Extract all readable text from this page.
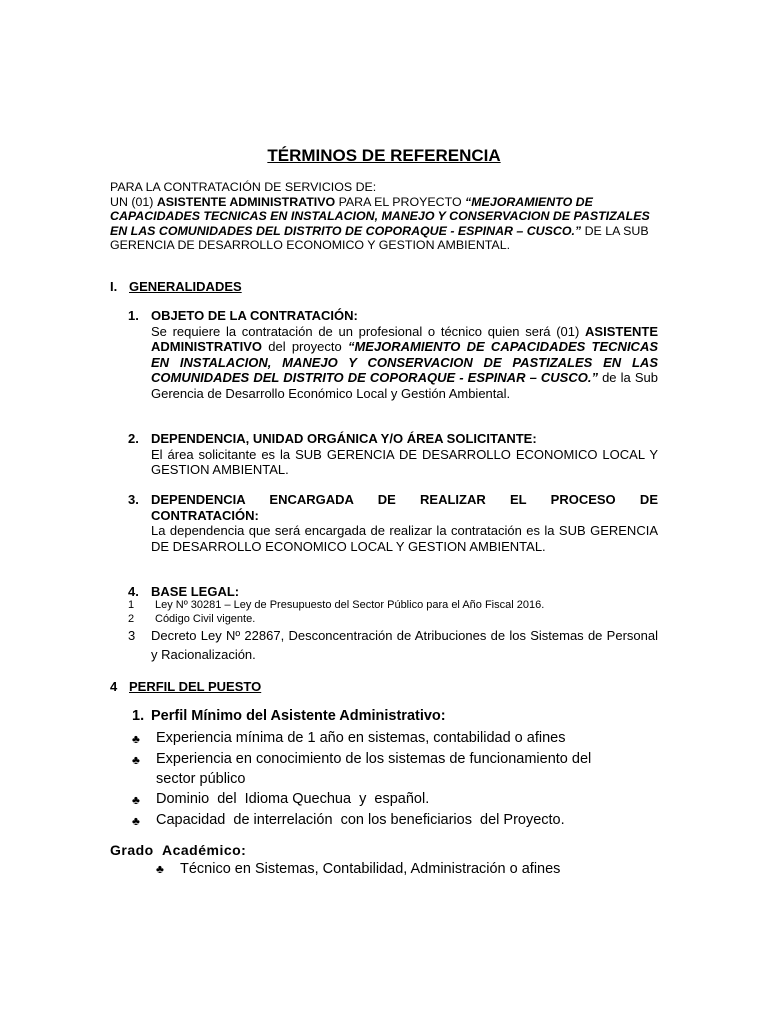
TÉRMINOS DE REFERENCIA
PARA LA CONTRATACIÓN DE SERVICIOS DE:
UN (01) ASISTENTE ADMINISTRATIVO PARA EL PROYECTO “MEJORAMIENTO DE CAPACIDADES TECNICAS EN INSTALACION, MANEJO Y CONSERVACION DE PASTIZALES EN LAS COMUNIDADES DEL DISTRITO DE COPORAQUE - ESPINAR – CUSCO.” DE LA SUB GERENCIA DE DESARROLLO ECONOMICO Y GESTION AMBIENTAL.
I. GENERALIDADES
1. OBJETO DE LA CONTRATACIÓN:
Se requiere la contratación de un profesional o técnico quien será (01) ASISTENTE ADMINISTRATIVO del proyecto “MEJORAMIENTO DE CAPACIDADES TECNICAS EN INSTALACION, MANEJO Y CONSERVACION DE PASTIZALES EN LAS COMUNIDADES DEL DISTRITO DE COPORAQUE - ESPINAR – CUSCO.” de la Sub Gerencia de Desarrollo Económico Local y Gestión Ambiental.
2. DEPENDENCIA, UNIDAD ORGÁNICA Y/O ÁREA SOLICITANTE:
El área solicitante es la SUB GERENCIA DE DESARROLLO ECONOMICO LOCAL Y GESTION AMBIENTAL.
3. DEPENDENCIA ENCARGADA DE REALIZAR EL PROCESO DE
CONTRATACIÓN:
La dependencia que será encargada de realizar la contratación es la SUB GERENCIA DE DESARROLLO ECONOMICO LOCAL Y GESTION AMBIENTAL.
4. BASE LEGAL:
1	Ley Nº 30281 – Ley de Presupuesto del Sector Público para el Año Fiscal 2016.
2	Código Civil vigente.
3	Decreto Ley Nº 22867, Desconcentración de Atribuciones de los Sistemas de Personal y Racionalización.
4 PERFIL DEL PUESTO
1. Perfil Mínimo del Asistente Administrativo:
♣	Experiencia mínima de 1 año en sistemas, contabilidad o afines
♣	Experiencia en conocimiento de los sistemas de funcionamiento del sector público
♣	Dominio  del  Idioma Quechua  y  español.
♣	Capacidad  de interrelación  con los beneficiarios  del Proyecto.
Grado  Académico:
♣	Técnico en Sistemas, Contabilidad, Administración o afines
